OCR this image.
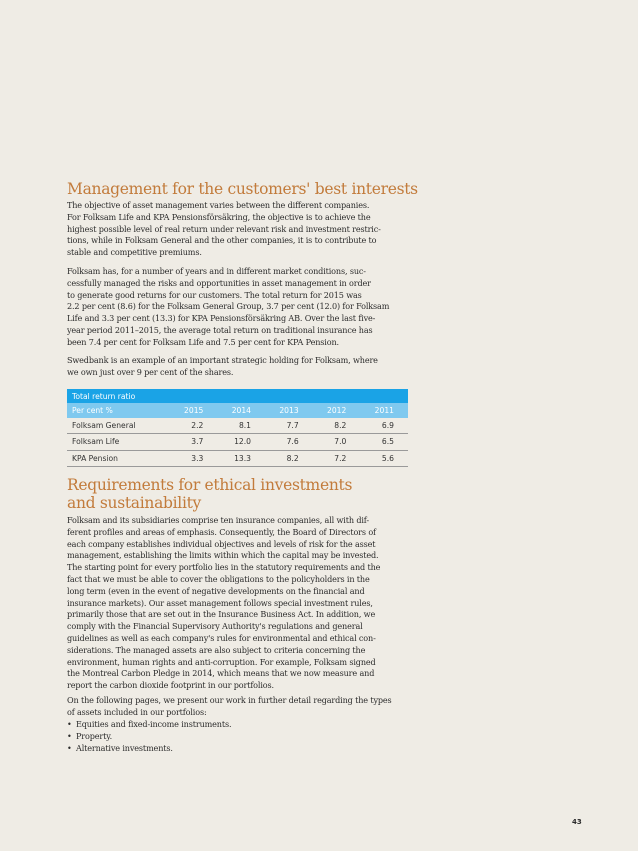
Management for the customers' best interests

The objective of asset management varies between the different companies.
For Folksam Life and KPA Pensionsförsäkring, the objective is to achieve the
highest possible level of real return under relevant risk and investment restric-
tions, while in Folksam General and the other companies, it is to contribute to
stable and competitive premiums.

Folksam has, for a number of years and in different market conditions, suc-
cessfully managed the risks and opportunities in asset management in order
to generate good returns for our customers. The total return for 2015 was
2.2 per cent (8.6) for the Folksam General Group, 3.7 per cent (12.0) for Folksam
Life and 3.3 per cent (13.3) for KPA Pensionsförsäkring AB. Over the last five-
year period 2011–2015, the average total return on traditional insurance has
been 7.4 per cent for Folksam Life and 7.5 per cent for KPA Pension.

Swedbank is an example of an important strategic holding for Folksam, where
we own just over 9 per cent of the shares.

Total return ratio					
Per cent %	2015	2014	2013	2012	2011
Folksam General	2.2	8.1	7.7	8.2	6.9
Folksam Life	3.7	12.0	7.6	7.0	6.5
KPA Pension	3.3	13.3	8.2	7.2	5.6
Requirements for ethical investments
and sustainability

Folksam and its subsidiaries comprise ten insurance companies, all with dif-
ferent profiles and areas of emphasis. Consequently, the Board of Directors of
each company establishes individual objectives and levels of risk for the asset
management, establishing the limits within which the capital may be invested.
The starting point for every portfolio lies in the statutory requirements and the
fact that we must be able to cover the obligations to the policyholders in the
long term (even in the event of negative developments on the financial and
insurance markets). Our asset management follows special investment rules,
primarily those that are set out in the Insurance Business Act. In addition, we
comply with the Financial Supervisory Authority's regulations and general
guidelines as well as each company's rules for environmental and ethical con-
siderations. The managed assets are also subject to criteria concerning the
environment, human rights and anti-corruption. For example, Folksam signed
the Montreal Carbon Pledge in 2014, which means that we now measure and
report the carbon dioxide footprint in our portfolios.

On the following pages, we present our work in further detail regarding the types
of assets included in our portfolios:

• Equities and fixed-income instruments.
• Property.
• Alternative investments.
43
